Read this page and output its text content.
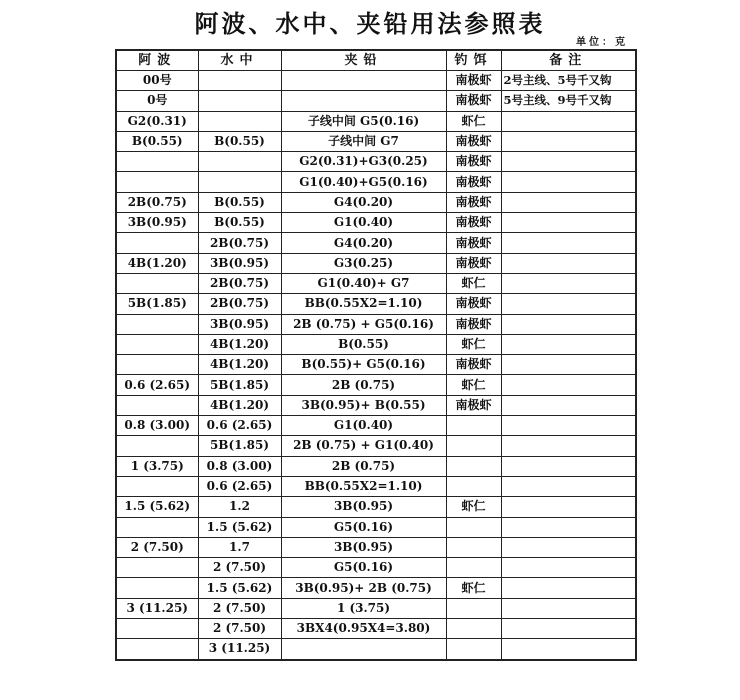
阿波、水中、夹铅用法参照表
单位：克
阿波	水中	夹铅	钓饵	备注
00号			南极虾	2号主线、5号千又钩
0号			南极虾	5号主线、9号千又钩
G2(0.31)		子线中间 G5(0.16)	虾仁	
B(0.55)	B(0.55)	子线中间 G7	南极虾	
		G2(0.31)+G3(0.25)	南极虾	
		G1(0.40)+G5(0.16)	南极虾	
2B(0.75)	B(0.55)	G4(0.20)	南极虾	
3B(0.95)	B(0.55)	G1(0.40)	南极虾	
	2B(0.75)	G4(0.20)	南极虾	
4B(1.20)	3B(0.95)	G3(0.25)	南极虾	
	2B(0.75)	G1(0.40)+ G7	虾仁	
5B(1.85)	2B(0.75)	BB(0.55X2=1.10)	南极虾	
	3B(0.95)	2B (0.75) + G5(0.16)	南极虾	
	4B(1.20)	B(0.55)	虾仁	
	4B(1.20)	B(0.55)+ G5(0.16)	南极虾	
0.6 (2.65)	5B(1.85)	2B (0.75)	虾仁	
	4B(1.20)	3B(0.95)+ B(0.55)	南极虾	
0.8 (3.00)	0.6 (2.65)	G1(0.40)		
	5B(1.85)	2B (0.75) + G1(0.40)		
1 (3.75)	0.8 (3.00)	2B (0.75)		
	0.6 (2.65)	BB(0.55X2=1.10)		
1.5 (5.62)	1.2	3B(0.95)	虾仁	
	1.5 (5.62)	G5(0.16)		
2 (7.50)	1.7	3B(0.95)		
	2 (7.50)	G5(0.16)		
	1.5 (5.62)	3B(0.95)+ 2B (0.75)	虾仁	
3 (11.25)	2 (7.50)	1 (3.75)		
	2 (7.50)	3BX4(0.95X4=3.80)		
	3 (11.25)			
